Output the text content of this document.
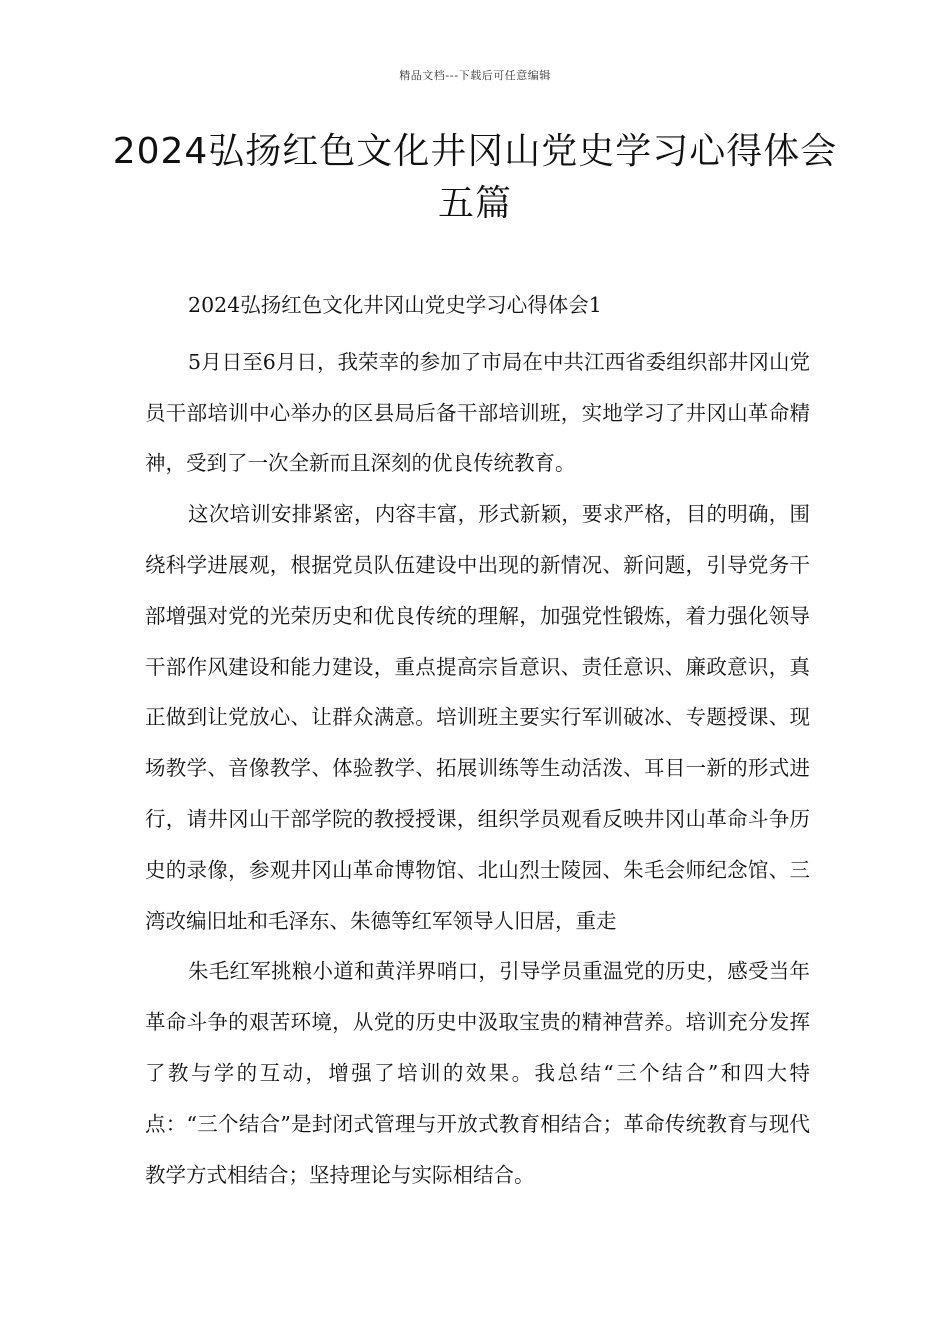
精品文档---下载后可任意编辑
2024弘扬红色文化井冈山党史学习心得体会五篇

2024弘扬红色文化井冈山党史学习心得体会1

5月日至6月日，我荣幸的参加了市局在中共江西省委组织部井冈山党员干部培训中心举办的区县局后备干部培训班，实地学习了井冈山革命精神，受到了一次全新而且深刻的优良传统教育。

这次培训安排紧密，内容丰富，形式新颖，要求严格，目的明确，围绕科学进展观，根据党员队伍建设中出现的新情况、新问题，引导党务干部增强对党的光荣历史和优良传统的理解，加强党性锻炼，着力强化领导干部作风建设和能力建设，重点提高宗旨意识、责任意识、廉政意识，真正做到让党放心、让群众满意。培训班主要实行军训破冰、专题授课、现场教学、音像教学、体验教学、拓展训练等生动活泼、耳目一新的形式进行，请井冈山干部学院的教授授课，组织学员观看反映井冈山革命斗争历史的录像，参观井冈山革命博物馆、北山烈士陵园、朱毛会师纪念馆、三湾改编旧址和毛泽东、朱德等红军领导人旧居，重走

朱毛红军挑粮小道和黄洋界哨口，引导学员重温党的历史，感受当年革命斗争的艰苦环境，从党的历史中汲取宝贵的精神营养。培训充分发挥了教与学的互动，增强了培训的效果。我总结“三个结合”和四大特点：“三个结合”是封闭式管理与开放式教育相结合；革命传统教育与现代教学方式相结合；坚持理论与实际相结合。
